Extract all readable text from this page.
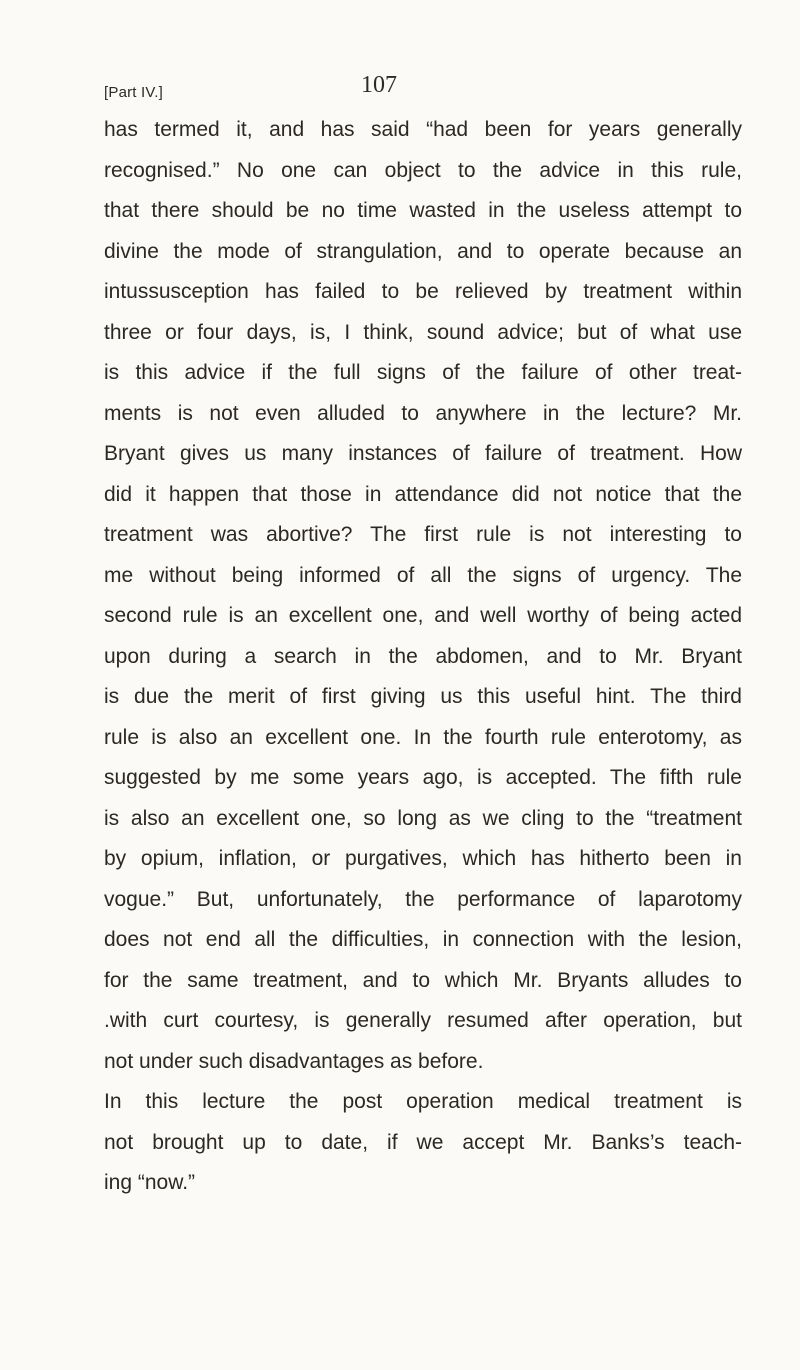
[Part IV.]	107
has termed it, and has said “had been for years generally
recognised.” No one can object to the advice in this rule,
that there should be no time wasted in the useless attempt to
divine the mode of strangulation, and to operate because an
intussusception has failed to be relieved by treatment within
three or four days, is, I think, sound advice; but of what use
is this advice if the full signs of the failure of other treat-
ments is not even alluded to anywhere in the lecture? Mr.
Bryant gives us many instances of failure of treatment. How
did it happen that those in attendance did not notice that the
treatment was abortive? The first rule is not interesting to
me without being informed of all the signs of urgency. The
second rule is an excellent one, and well worthy of being acted
upon during a search in the abdomen, and to Mr. Bryant
is due the merit of first giving us this useful hint. The third
rule is also an excellent one. In the fourth rule enterotomy, as
suggested by me some years ago, is accepted. The fifth rule
is also an excellent one, so long as we cling to the “treatment
by opium, inflation, or purgatives, which has hitherto been in
vogue.” But, unfortunately, the performance of laparotomy
does not end all the difficulties, in connection with the lesion,
for the same treatment, and to which Mr. Bryants alludes to
.with curt courtesy, is generally resumed after operation, but
not under such disadvantages as before.
In this lecture the post operation medical treatment is
not brought up to date, if we accept Mr. Banks’s teach-
ing “now.”
